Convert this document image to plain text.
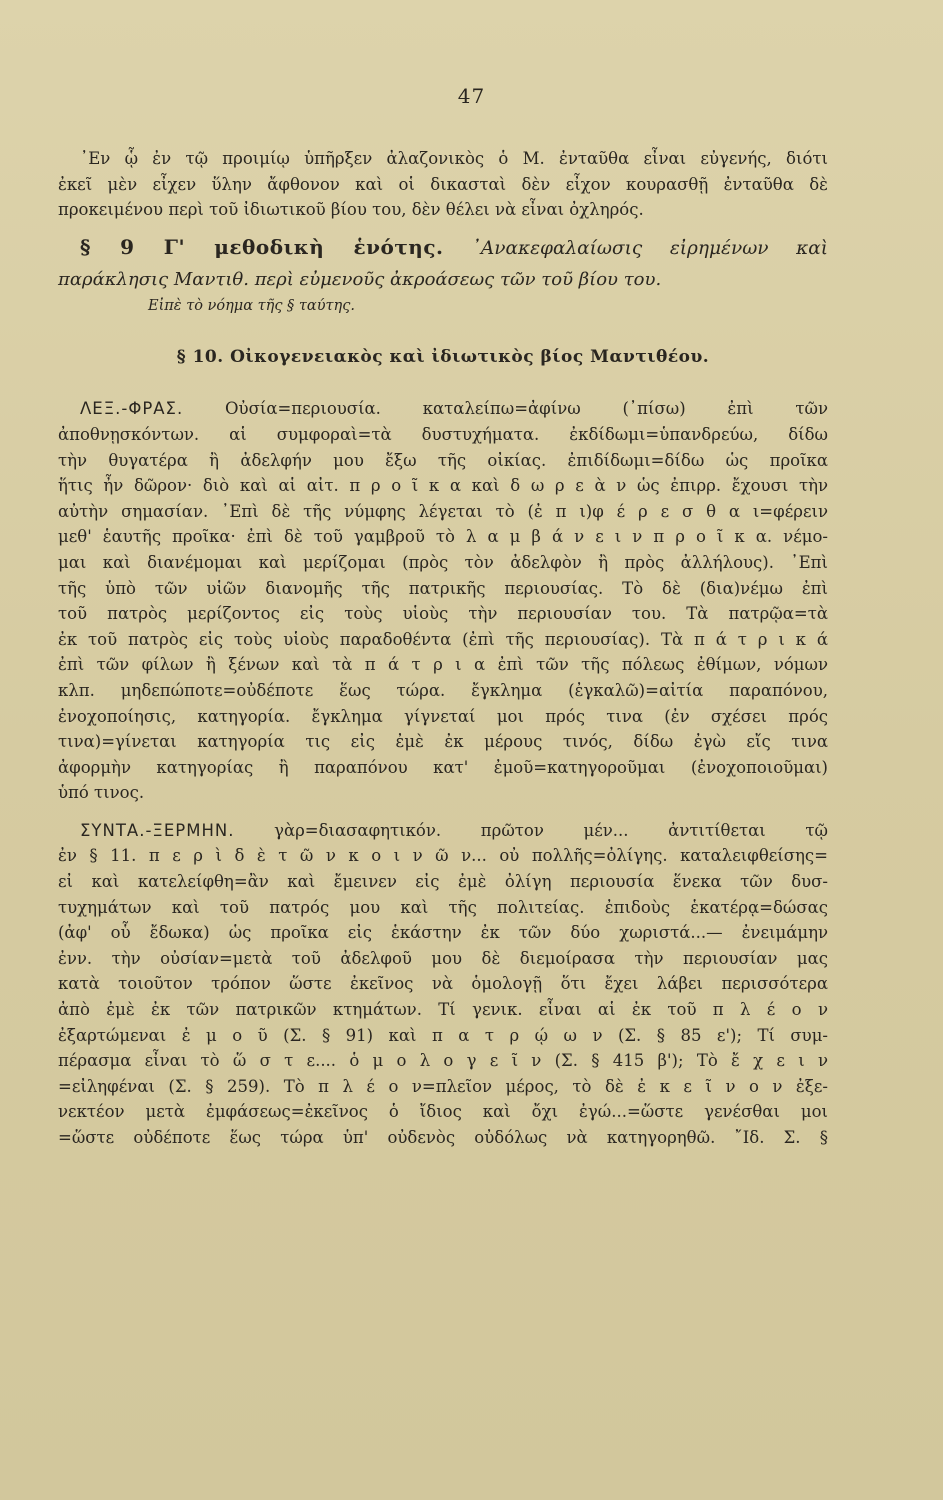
47
᾿Εν ᾧ ἐν τῷ προιμίῳ ὑπῆρξεν ἀλαζονικὸς ὁ Μ. ἐνταῦθα εἶναι εὐγενής, διότι
ἐκεῖ μὲν εἶχεν ὕλην ἄφθονον καὶ οἱ δικασταὶ δὲν εἶχον κουρασθῇ ἐνταῦθα δὲ
προκειμένου περὶ τοῦ ἰδιωτικοῦ βίου του, δὲν θέλει νὰ εἶναι ὀχληρός.
§ 9 Γ' μεθοδικὴ ἑνότης. ᾿Ανακεφαλαίωσις εἰρημένων καὶ
παράκλησις Μαντιθ. περὶ εὐμενοῦς ἀκροάσεως τῶν τοῦ βίου του.
Εἰπὲ τὸ νόημα τῆς § ταύτης.
§ 10. Οἰκογενειακὸς καὶ ἰδιωτικὸς βίος Μαντιθέου.
ΛΕΞ.-ΦΡΑΣ. Οὐσία=περιουσία. καταλείπω=ἀφίνω (᾿πίσω) ἐπὶ τῶν
ἀποθνῃσκόντων. αἱ συμφοραὶ=τὰ δυστυχήματα. ἐκδίδωμι=ὑπανδρεύω, δίδω
τὴν θυγατέρα ἢ ἀδελφήν μου ἔξω τῆς οἰκίας. ἐπιδίδωμι=δίδω ὡς προῖκα
ἥτις ἦν δῶρον· διὸ καὶ αἱ αἰτ. π ρ ο ῖ κ α καὶ δ ω ρ ε ὰ ν ὡς ἐπιρρ. ἔχουσι τὴν
αὐτὴν σημασίαν. ᾿Επὶ δὲ τῆς νύμφης λέγεται τὸ (ἐ π ι)φ έ ρ ε σ θ α ι=φέρειν
μεθ' ἑαυτῆς προῖκα· ἐπὶ δὲ τοῦ γαμβροῦ τὸ λ α μ β ά ν ε ι ν π ρ ο ῖ κ α. νέμο-
μαι καὶ διανέμομαι καὶ μερίζομαι (πρὸς τὸν ἀδελφὸν ἢ πρὸς ἀλλήλους). ᾿Επὶ
τῆς ὑπὸ τῶν υἱῶν διανομῆς τῆς πατρικῆς περιουσίας. Τὸ δὲ (δια)νέμω ἐπὶ
τοῦ πατρὸς μερίζοντος εἰς τοὺς υἱοὺς τὴν περιουσίαν του. Τὰ πατρῷα=τὰ
ἐκ τοῦ πατρὸς εἰς τοὺς υἱοὺς παραδοθέντα (ἐπὶ τῆς περιουσίας). Τὰ π ά τ ρ ι κ ά
ἐπὶ τῶν φίλων ἢ ξένων καὶ τὰ π ά τ ρ ι α ἐπὶ τῶν τῆς πόλεως ἐθίμων, νόμων
κλπ. μηδεπώποτε=οὐδέποτε ἕως τώρα. ἔγκλημα (ἐγκαλῶ)=αἰτία παραπόνου,
ἐνοχοποίησις, κατηγορία. ἔγκλημα γίγνεταί μοι πρός τινα (ἐν σχέσει πρός
τινα)=γίνεται κατηγορία τις εἰς ἐμὲ ἐκ μέρους τινός, δίδω ἐγὼ εἴς τινα
ἀφορμὴν κατηγορίας ἢ παραπόνου κατ' ἐμοῦ=κατηγοροῦμαι (ἐνοχοποιοῦμαι)
ὑπό τινος.
ΣΥΝΤΑ.-ΞΕΡΜΗΝ. γὰρ=διασαφητικόν. πρῶτον μέν... ἀντιτίθεται τῷ
ἐν § 11. π ε ρ ὶ δ ὲ τ ῶ ν κ ο ι ν ῶ ν... οὐ πολλῆς=ὀλίγης. καταλειφθείσης=
εἰ καὶ κατελείφθη=ἂν καὶ ἔμεινεν εἰς ἐμὲ ὀλίγη περιουσία ἕνεκα τῶν δυσ-
τυχημάτων καὶ τοῦ πατρός μου καὶ τῆς πολιτείας. ἐπιδοὺς ἑκατέρᾳ=δώσας
(ἀφ' οὗ ἔδωκα) ὡς προῖκα εἰς ἑκάστην ἐκ τῶν δύο χωριστά...— ἐνειμάμην
ἐνν. τὴν οὐσίαν=μετὰ τοῦ ἀδελφοῦ μου δὲ διεμοίρασα τὴν περιουσίαν μας
κατὰ τοιοῦτον τρόπον ὥστε ἐκεῖνος νὰ ὁμολογῇ ὅτι ἔχει λάβει περισσότερα
ἀπὸ ἐμὲ ἐκ τῶν πατρικῶν κτημάτων. Τί γενικ. εἶναι αἱ ἐκ τοῦ π λ έ ο ν
ἐξαρτώμεναι ἐ μ ο ῦ (Σ. § 91) καὶ π α τ ρ ῴ ω ν (Σ. § 85 ε'); Τί συμ-
πέρασμα εἶναι τὸ ὥ σ τ ε.... ὁ μ ο λ ο γ ε ῖ ν (Σ. § 415 β'); Τὸ ἔ χ ε ι ν
=εἰληφέναι (Σ. § 259). Τὸ π λ έ ο ν=πλεῖον μέρος, τὸ δὲ ἐ κ ε ῖ ν ο ν ἐξε-
νεκτέον μετὰ ἐμφάσεως=ἐκεῖνος ὁ ἴδιος καὶ ὄχι ἐγώ...=ὥστε γενέσθαι μοι
=ὥστε οὐδέποτε ἕως τώρα ὑπ' οὐδενὸς οὐδόλως νὰ κατηγορηθῶ. ῎Ιδ. Σ. §
